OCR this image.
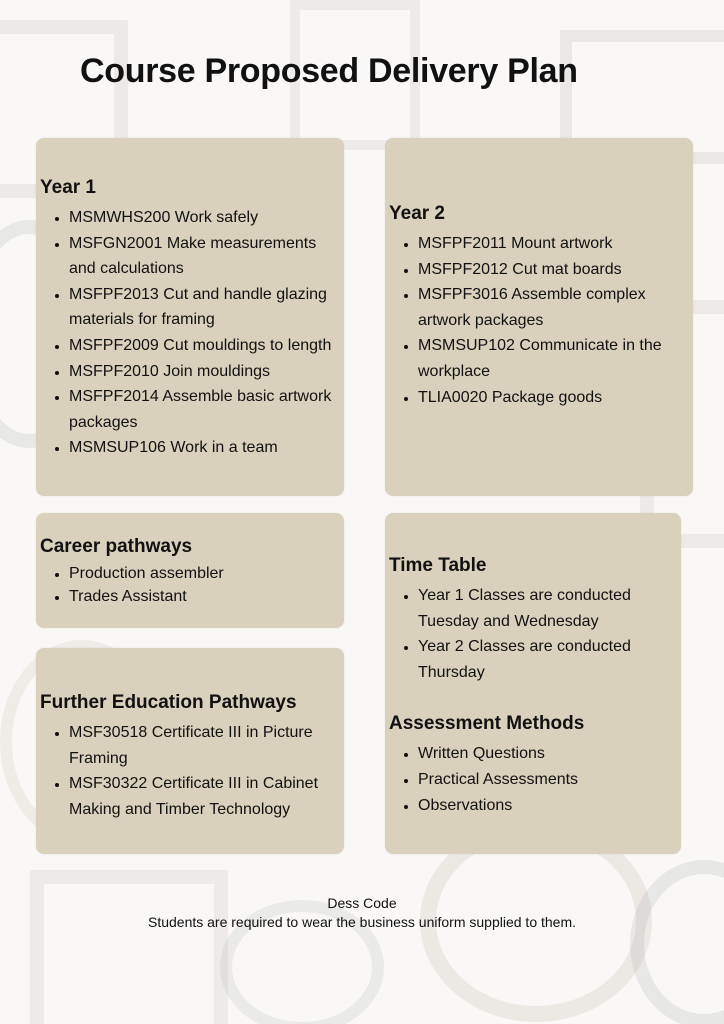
Course Proposed Delivery Plan
Year 1
• MSMWHS200 Work safely
• MSFGN2001 Make measurements and calculations
• MSFPF2013 Cut and handle glazing materials for framing
• MSFPF2009 Cut mouldings to length
• MSFPF2010 Join mouldings
• MSFPF2014 Assemble basic artwork packages
• MSMSUP106 Work in a team
Year 2
• MSFPF2011 Mount artwork
• MSFPF2012 Cut mat boards
• MSFPF3016 Assemble complex artwork packages
• MSMSUP102 Communicate in the workplace
• TLIA0020 Package goods
Career pathways
• Production assembler
• Trades Assistant
Further Education Pathways
• MSF30518 Certificate III in Picture Framing
• MSF30322 Certificate III in Cabinet Making and Timber Technology
Time Table
• Year 1 Classes are conducted Tuesday and Wednesday
• Year 2 Classes are conducted Thursday
Assessment Methods
• Written Questions
• Practical Assessments
• Observations
Dess Code
Students are required to wear the business uniform supplied to them.
